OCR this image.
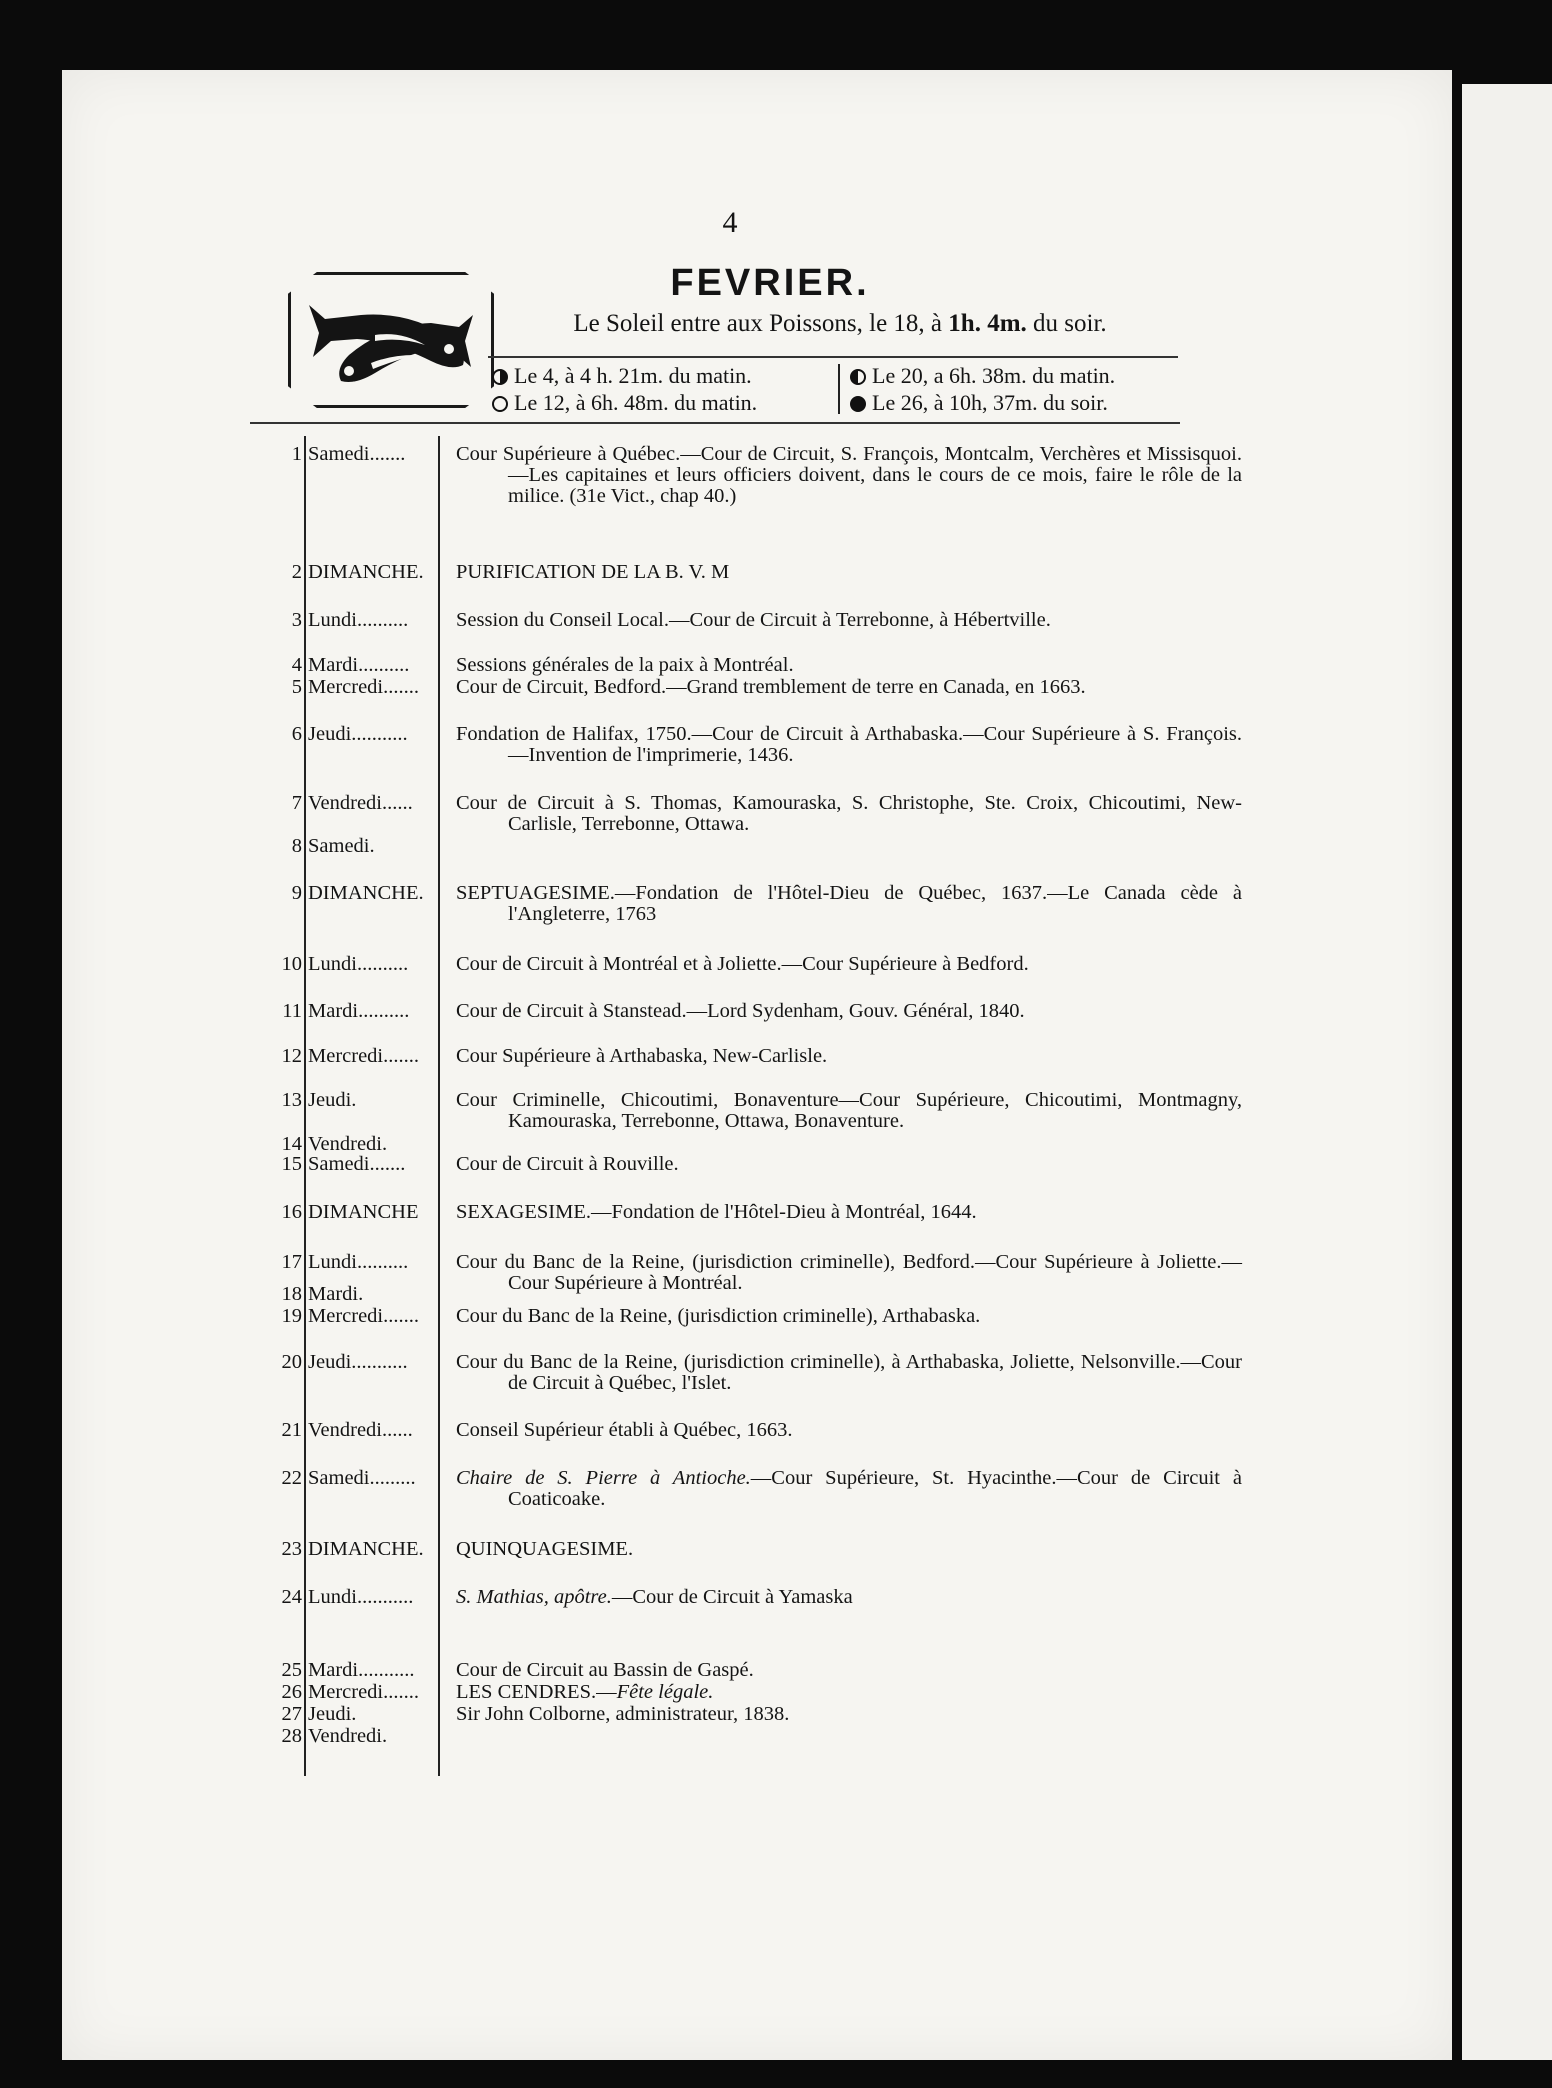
4
FEVRIER.
Le Soleil entre aux Poissons, le 18, à 1h. 4m. du soir.
Le 4, à 4 h. 21m. du matin.
Le 12, à 6h. 48m. du matin.
Le 20, a 6h. 38m. du matin.
Le 26, à 10h, 37m. du soir.
1 Samedi.......	Cour Supérieure à Québec.—Cour de Circuit, S. François, Montcalm, Verchères et Missisquoi.—Les capitaines et leurs officiers doivent, dans le cours de ce mois, faire le rôle de la milice. (31e Vict., chap 40.)
2 DIMANCHE.	PURIFICATION DE LA B. V. M
3 Lundi..........	Session du Conseil Local.—Cour de Circuit à Terrebonne, à Hébertville.
4 Mardi..........	Sessions générales de la paix à Montréal.
5 Mercredi.......	Cour de Circuit, Bedford.—Grand tremblement de terre en Canada, en 1663.
6 Jeudi...........	Fondation de Halifax, 1750.—Cour de Circuit à Arthabaska.—Cour Supérieure à S. François.—Invention de l'imprimerie, 1436.
7 Vendredi......	Cour de Circuit à S. Thomas, Kamouraska, S. Christophe, Ste. Croix, Chicoutimi, New-Carlisle, Terrebonne, Ottawa.
8 Samedi.
9 DIMANCHE.	SEPTUAGESIME.—Fondation de l'Hôtel-Dieu de Québec, 1637.—Le Canada cède à l'Angleterre, 1763
10 Lundi..........	Cour de Circuit à Montréal et à Joliette.—Cour Supérieure à Bedford.
11 Mardi..........	Cour de Circuit à Stanstead.—Lord Sydenham, Gouv. Général, 1840.
12 Mercredi.......	Cour Supérieure à Arthabaska, New-Carlisle.
13 Jeudi.	Cour Criminelle, Chicoutimi, Bonaventure—Cour Supérieure, Chicoutimi, Montmagny, Kamouraska, Terrebonne, Ottawa, Bonaventure.
14 Vendredi.
15 Samedi.......	Cour de Circuit à Rouville.
16 DIMANCHE	SEXAGESIME.—Fondation de l'Hôtel-Dieu à Montréal, 1644.
17 Lundi..........	Cour du Banc de la Reine, (jurisdiction criminelle), Bedford.—Cour Supérieure à Joliette.—Cour Supérieure à Montréal.
18 Mardi.
19 Mercredi.......	Cour du Banc de la Reine, (jurisdiction criminelle), Arthabaska.
20 Jeudi...........	Cour du Banc de la Reine, (jurisdiction criminelle), à Arthabaska, Joliette, Nelsonville.—Cour de Circuit à Québec, l'Islet.
21 Vendredi......	Conseil Supérieur établi à Québec, 1663.
22 Samedi.........	Chaire de S. Pierre à Antioche.—Cour Supérieure, St. Hyacinthe.—Cour de Circuit à Coaticoake.
23 DIMANCHE.	QUINQUAGESIME.
24 Lundi...........	S. Mathias, apôtre.—Cour de Circuit à Yamaska
25 Mardi...........	Cour de Circuit au Bassin de Gaspé.
26 Mercredi.......	LES CENDRES.—Fête légale.
27 Jeudi.	Sir John Colborne, administrateur, 1838.
28 Vendredi.
